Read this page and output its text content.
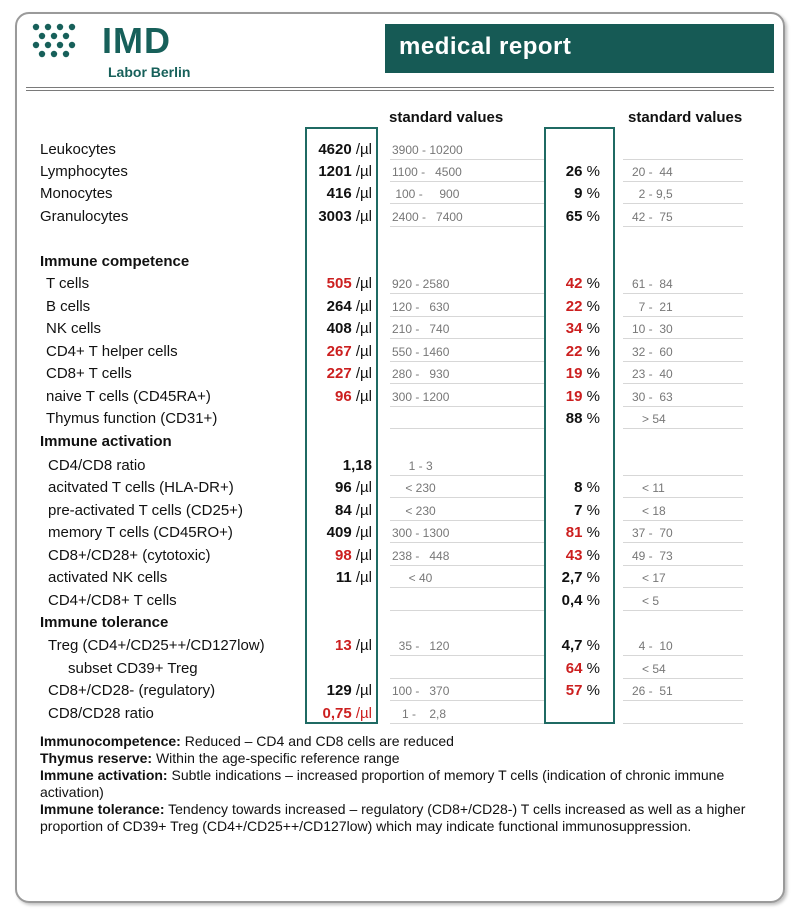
IMD
Labor Berlin
medical report
standard values	standard values
Leukocytes	4620 /µl 3900 - 10200
Lymphocytes	1201 /µl 1100 -   4500	26 %	20 -  44
Monocytes	416 /µl 100 -     900	9 %	2 - 9,5
Granulocytes	3003 /µl 2400 -   7400	65 %	42 -  75
Immune competence
T cells	505 /µl 920 - 2580	42 %	61 -  84
B cells	264 /µl 120 -   630	22 %	7 -  21
NK cells	408 /µl 210 -   740	34 %	10 -  30
CD4+ T helper cells	267 /µl 550 - 1460	22 %	32 -  60
CD8+ T cells	227 /µl 280 -   930	19 %	23 -  40
naive T cells (CD45RA+)	96 /µl 300 - 1200	19 %	30 -  63
Thymus function (CD31+)	88 %	> 54
Immune activation
CD4/CD8 ratio	1,18 1 - 3
acitvated T cells (HLA-DR+)	96 /µl < 230	8 %	< 11
pre-activated T cells (CD25+)	84 /µl < 230	7 %	< 18
memory T cells (CD45RO+)	409 /µl 300 - 1300	81 %	37 -  70
CD8+/CD28+ (cytotoxic)	98 /µl 238 -   448	43 %	49 -  73
activated NK cells	11 /µl < 40	2,7 %	< 17
CD4+/CD8+ T cells	0,4 %	< 5
Immune tolerance
Treg (CD4+/CD25++/CD127low)	13 /µl 35 -   120	4,7 %	4 -  10
subset CD39+ Treg	64 %	< 54
CD8+/CD28- (regulatory)	129 /µl 100 -   370	57 %	26 -  51
CD8/CD28 ratio	0,75 /µl 1 -    2,8

Immunocompetence: Reduced – CD4 and CD8 cells are reduced

Thymus reserve: Within the age-specific reference range

Immune activation: Subtle indications – increased proportion of memory T cells (indication of chronic immune activation)

Immune tolerance: Tendency towards increased – regulatory (CD8+/CD28-) T cells increased as well as a higher proportion of CD39+ Treg (CD4+/CD25++/CD127low) which may indicate functional immunosuppression.
